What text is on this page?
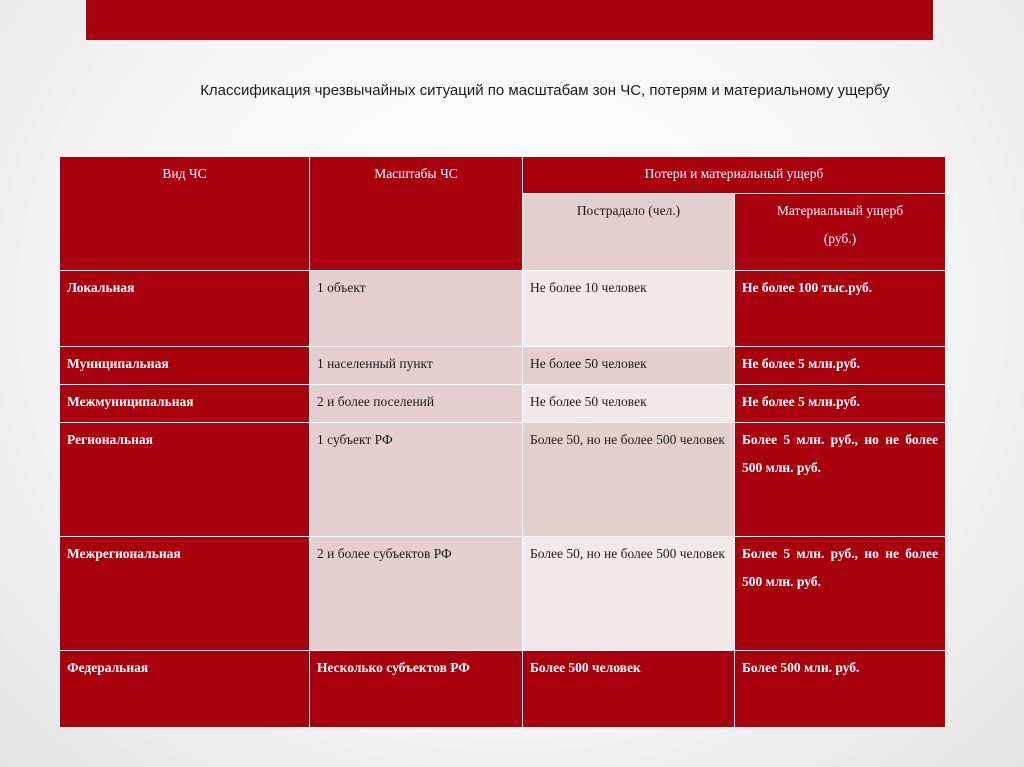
Классификация чрезвычайных ситуаций по масштабам зон ЧС, потерям и материальному ущербу
Вид ЧС	Масштабы ЧС	Потери и материальный ущерб	
		Пострадало (чел.)	Материальный ущерб
(руб.)
Локальная	1 объект	Не более 10 человек	Не более 100 тыс.руб.
Муниципальная	1 населенный пункт	Не более 50 человек	Не более 5 млн.руб.
Межмуниципальная	2 и более поселений	Не более 50 человек	Не более 5 млн.руб.
Региональная	1 субъект РФ	Более 50, но не более 500 человек	Более 5 млн. руб., но не более 500 млн. руб.
Межрегиональная	2 и более субъектов РФ	Более 50, но не более 500 человек	Более 5 млн. руб., но не более 500 млн. руб.
Федеральная	Несколько субъектов РФ	Более 500 человек	Более 500 млн. руб.
